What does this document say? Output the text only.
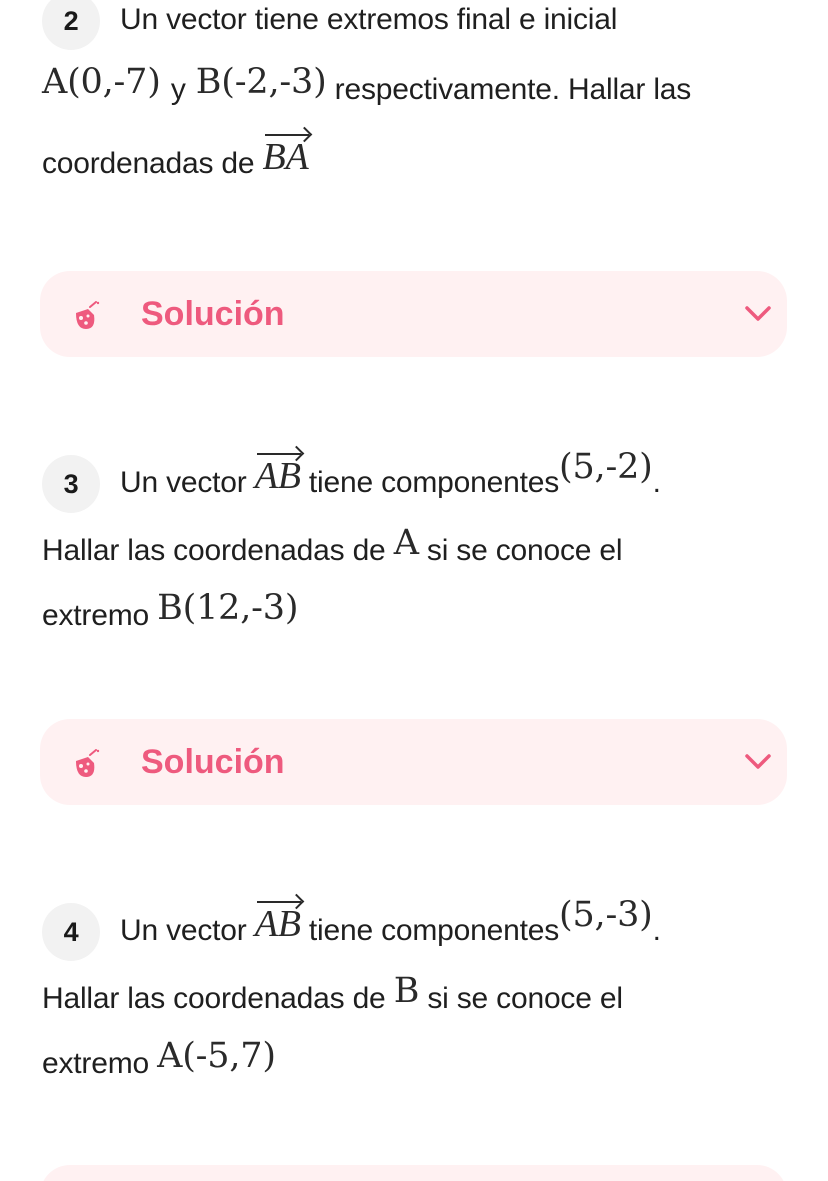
2 Un vector tiene extremos final e inicial
A(0,-7) y B(-2,-3) respectivamente. Hallar las
coordenadas de BA
Solución
3 Un vector AB tiene componentes(5,-2).
Hallar las coordenadas de A si se conoce el
extremo B(12,-3)
Solución
4 Un vector AB tiene componentes(5,-3).
Hallar las coordenadas de B si se conoce el
extremo A(-5,7)
